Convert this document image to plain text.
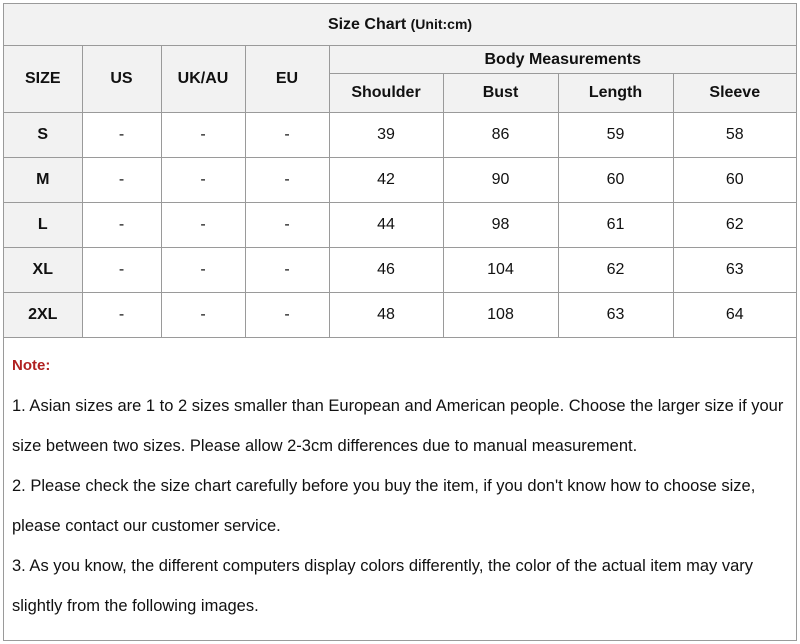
Size Chart (Unit:cm)							
SIZE	US	UK/AU	EU	Body Measurements			
				Shoulder	Bust	Length	Sleeve
S	-	-	-	39	86	59	58
M	-	-	-	42	90	60	60
L	-	-	-	44	98	61	62
XL	-	-	-	46	104	62	63
2XL	-	-	-	48	108	63	64
Note:

1. Asian sizes are 1 to 2 sizes smaller than European and American people. Choose the larger size if your size between two sizes. Please allow 2-3cm differences due to manual measurement.

2. Please check the size chart carefully before you buy the item, if you don't know how to choose size, please contact our customer service.

3. As you know, the different computers display colors differently, the color of the actual item may vary slightly from the following images.
